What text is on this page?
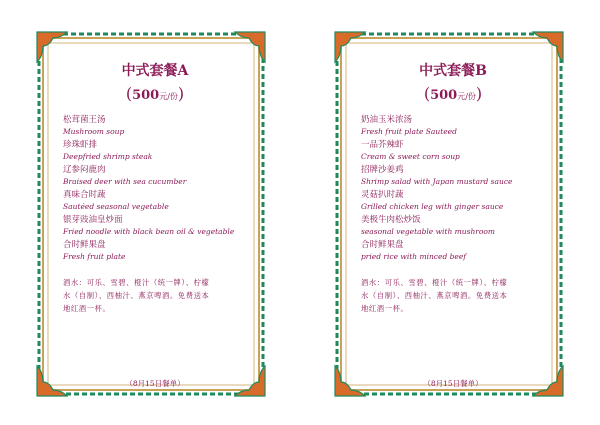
中式套餐A
(500元/份)
松茸菌王汤
Mushroom soup
珍珠虾排
Deepfried shrimp steak
辽参闷鹿肉
Braised deer with sea cucumber
真味合时蔬
Sautéed seasonal vegetable
银芽豉油皇炒面
Fried noodle with black bean oil & vegetable
合时鲜果盘
Fresh fruit plate
酒水：可乐、雪碧、橙汁（统一牌）、柠檬
水（自制）、西柚汁、燕京啤酒。免费送本
地红酒一杯。
（8月15日餐单）
中式套餐B
(500元/份)
奶油玉米浓汤
Fresh fruit plate Sauteed
一品芥辣虾
Cream & sweet corn soup
招牌沙姜鸡
Shrimp salad with Japan mustard sauce
灵菇扒时蔬
Grilled chicken leg with ginger sauce
美极牛肉松炒饭
seasonal vegetable with mushroom
合时鲜果盘
pried rice with minced beef
酒水：可乐、雪碧、橙汁（统一牌）、柠檬
水（自制）、西柚汁、燕京啤酒。免费送本
地红酒一杯。
（8月15日餐单）
